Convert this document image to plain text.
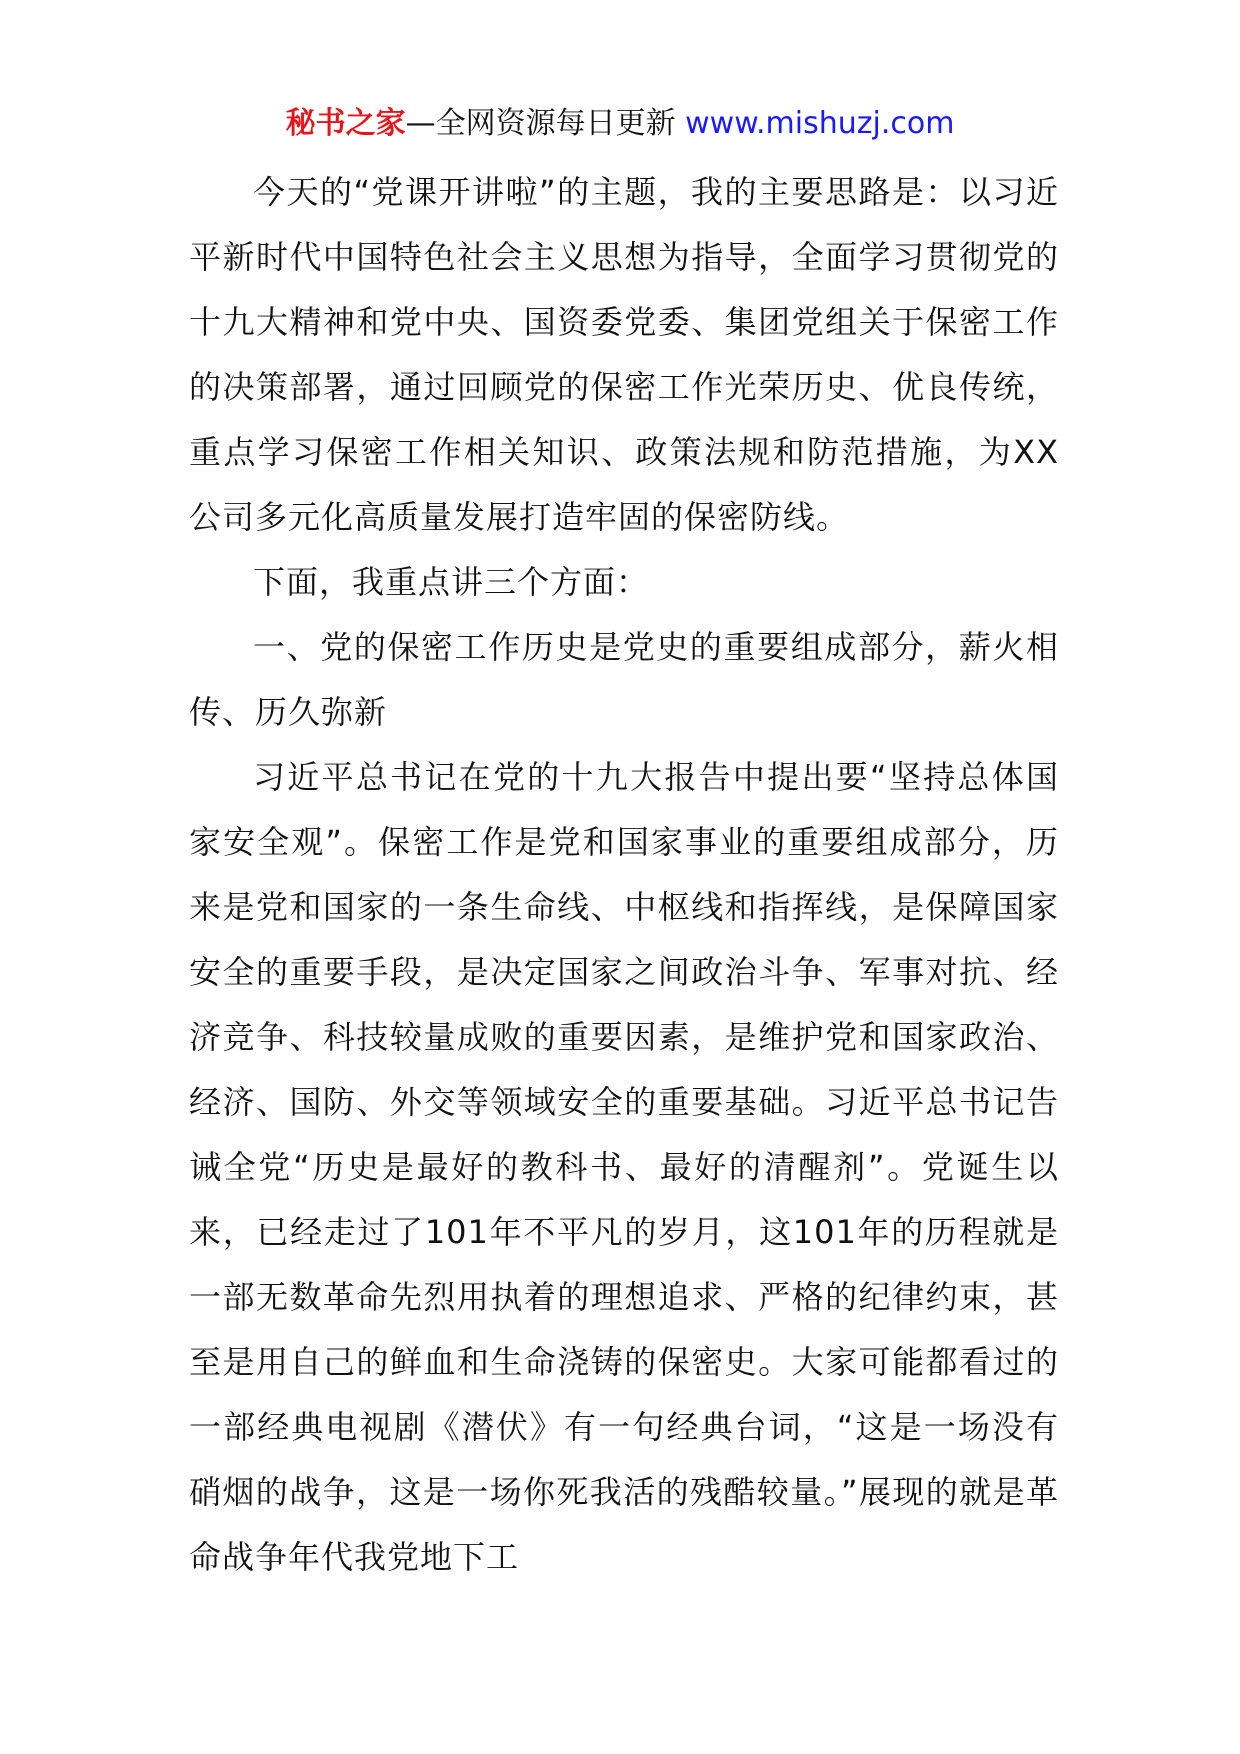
秘书之家—全网资源每日更新 www.mishuzj.com

今天的“党课开讲啦”的主题，我的主要思路是：以习近平新时代中国特色社会主义思想为指导，全面学习贯彻党的十九大精神和党中央、国资委党委、集团党组关于保密工作的决策部署，通过回顾党的保密工作光荣历史、优良传统，重点学习保密工作相关知识、政策法规和防范措施，为XX公司多元化高质量发展打造牢固的保密防线。

下面，我重点讲三个方面：

一、党的保密工作历史是党史的重要组成部分，薪火相传、历久弥新

习近平总书记在党的十九大报告中提出要“坚持总体国家安全观”。保密工作是党和国家事业的重要组成部分，历来是党和国家的一条生命线、中枢线和指挥线，是保障国家安全的重要手段，是决定国家之间政治斗争、军事对抗、经济竞争、科技较量成败的重要因素，是维护党和国家政治、经济、国防、外交等领域安全的重要基础。习近平总书记告诫全党“历史是最好的教科书、最好的清醒剂”。党诞生以来，已经走过了101年不平凡的岁月，这101年的历程就是一部无数革命先烈用执着的理想追求、严格的纪律约束，甚至是用自己的鲜血和生命浇铸的保密史。大家可能都看过的一部经典电视剧《潜伏》有一句经典台词，“这是一场没有硝烟的战争，这是一场你死我活的残酷较量。”展现的就是革命战争年代我党地下工
